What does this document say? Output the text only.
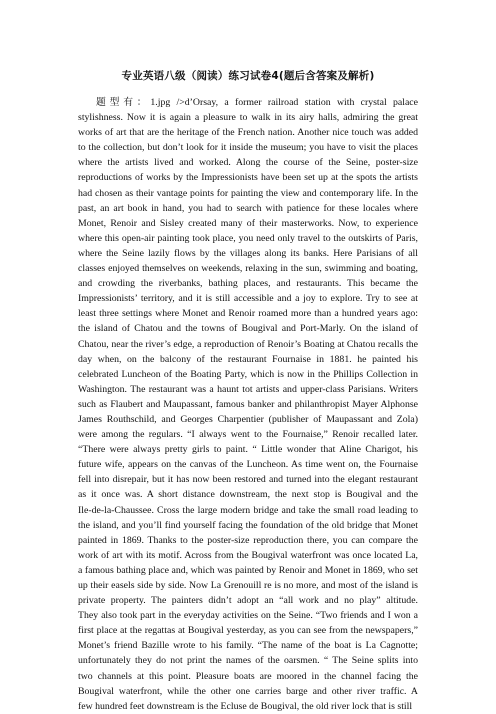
专业英语八级（阅读）练习试卷4(题后含答案及解析)
题型有：1.jpg />d’Orsay, a former railroad station with crystal palace
stylishness. Now it is again a pleasure to walk in its airy halls, admiring the great
works of art that are the heritage of the French nation. Another nice touch was added
to the collection, but don’t look for it inside the museum; you have to visit the places
where the artists lived and worked. Along the course of the Seine, poster-size
reproductions of works by the Impressionists have been set up at the spots the artists
had chosen as their vantage points for painting the view and contemporary life. In the
past, an art book in hand, you had to search with patience for these locales where
Monet, Renoir and Sisley created many of their masterworks. Now, to experience
where this open-air painting took place, you need only travel to the outskirts of Paris,
where the Seine lazily flows by the villages along its banks. Here Parisians of all
classes enjoyed themselves on weekends, relaxing in the sun, swimming and boating,
and crowding the riverbanks, bathing places, and restaurants. This became the
Impressionists’ territory, and it is still accessible and a joy to explore. Try to see at
least three settings where Monet and Renoir roamed more than a hundred years ago:
the island of Chatou and the towns of Bougival and Port-Marly. On the island of
Chatou, near the river’s edge, a reproduction of Renoir’s Boating at Chatou recalls the
day when, on the balcony of the restaurant Fournaise in 1881. he painted his
celebrated Luncheon of the Boating Party, which is now in the Phillips Collection in
Washington. The restaurant was a haunt tot artists and upper-class Parisians. Writers
such as Flaubert and Maupassant, famous banker and philanthropist Mayer Alphonse
James Routhschild, and Georges Charpentier (publisher of Maupassant and Zola)
were among the regulars. “I always went to the Fournaise,” Renoir recalled later.
“There were always pretty girls to paint. “ Little wonder that Aline Charigot, his
future wife, appears on the canvas of the Luncheon. As time went on, the Fournaise
fell into disrepair, but it has now been restored and turned into the elegant restaurant
as it once was. A short distance downstream, the next stop is Bougival and the
Ile-de-la-Chaussee. Cross the large modern bridge and take the small road leading to
the island, and you’ll find yourself facing the foundation of the old bridge that Monet
painted in 1869. Thanks to the poster-size reproduction there, you can compare the
work of art with its motif. Across from the Bougival waterfront was once located La,
a famous bathing place and, which was painted by Renoir and Monet in 1869, who set
up their easels side by side. Now La Grenouill re is no more, and most of the island is
private property. The painters didn’t adopt an “all work and no play” altitude.
They also took part in the everyday activities on the Seine. “Two friends and I won a
first place at the regattas at Bougival yesterday, as you can see from the newspapers,”
Monet’s friend Bazille wrote to his family. “The name of the boat is La Cagnotte;
unfortunately they do not print the names of the oarsmen. “ The Seine splits into
two channels at this point. Pleasure boats are moored in the channel facing the
Bougival waterfront, while the other one carries barge and other river traffic. A
few hundred feet downstream is the Ecluse de Bougival, the old river lock that is still
